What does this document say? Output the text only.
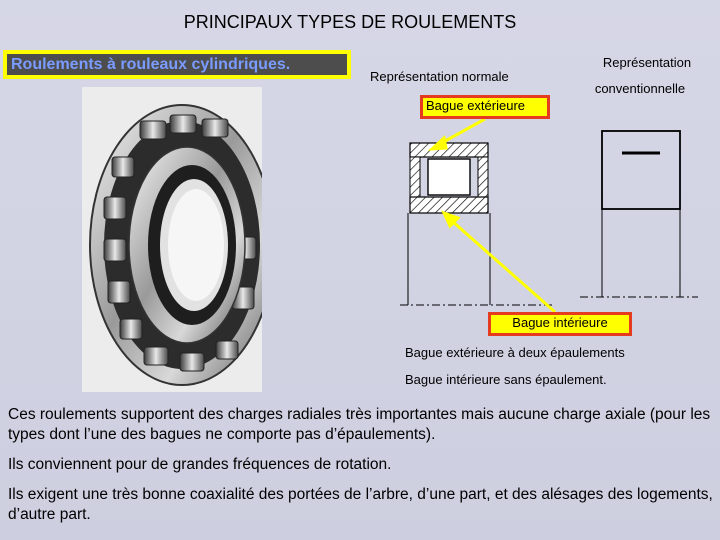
PRINCIPAUX TYPES DE ROULEMENTS
Roulements à rouleaux cylindriques.
Représentation normale
Représentation
conventionnelle
Bague extérieure
Bague intérieure
Bague extérieure à deux épaulements
Bague intérieure sans épaulement.
Ces roulements supportent des charges radiales très importantes mais aucune charge axiale (pour les types dont l’une des bagues ne comporte pas d’épaulements).
Ils conviennent pour de grandes fréquences de rotation.
Ils exigent une très bonne coaxialité des portées de l’arbre, d’une part, et des alésages des logements, d’autre part.
